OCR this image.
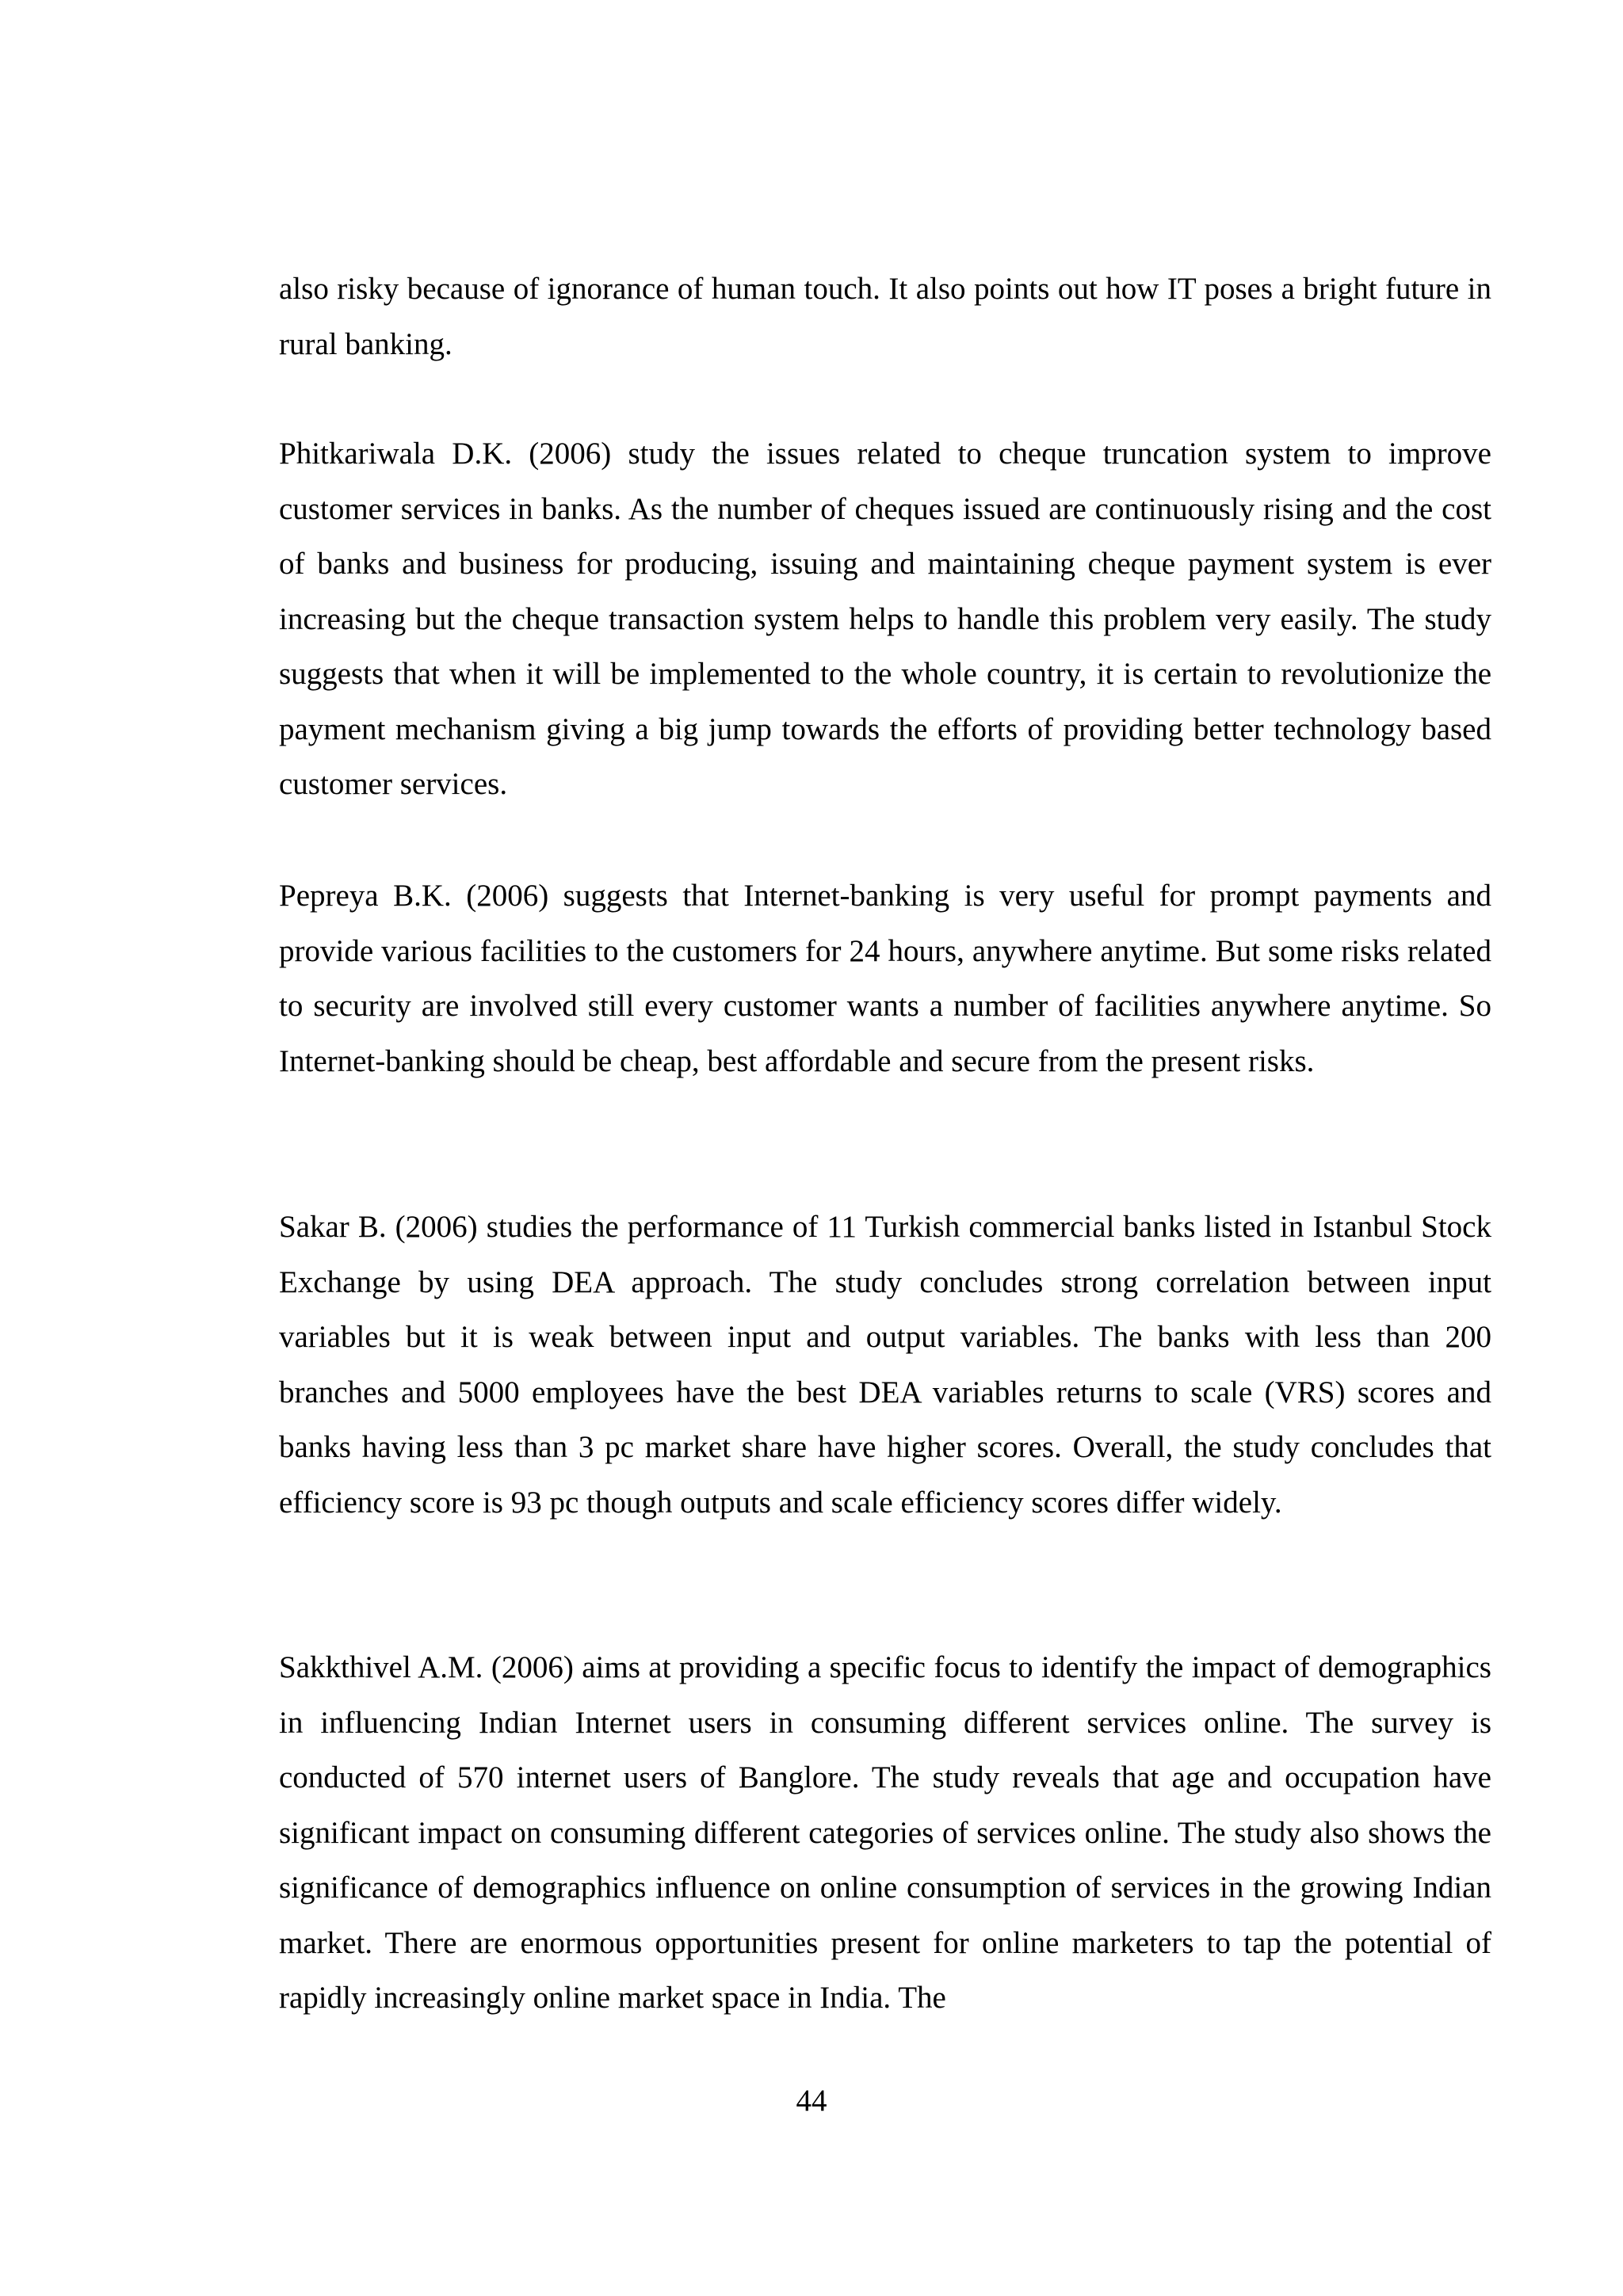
also risky because of ignorance of human touch. It also points out how IT poses a bright future in rural banking.

Phitkariwala D.K. (2006) study the issues related to cheque truncation system to improve customer services in banks. As the number of cheques issued are continuously rising and the cost of banks and business for producing, issuing and maintaining cheque payment system is ever increasing but the cheque transaction system helps to handle this problem very easily. The study suggests that when it will be implemented to the whole country, it is certain to revolutionize the payment mechanism giving a big jump towards the efforts of providing better technology based customer services.

Pepreya B.K. (2006) suggests that Internet-banking is very useful for prompt payments and provide various facilities to the customers for 24 hours, anywhere anytime. But some risks related to security are involved still every customer wants a number of facilities anywhere anytime. So Internet-banking should be cheap, best affordable and secure from the present risks.

Sakar B. (2006) studies the performance of 11 Turkish commercial banks listed in Istanbul Stock Exchange by using DEA approach. The study concludes strong correlation between input variables but it is weak between input and output variables. The banks with less than 200 branches and 5000 employees have the best DEA variables returns to scale (VRS) scores and banks having less than 3 pc market share have higher scores. Overall, the study concludes that efficiency score is 93 pc though outputs and scale efficiency scores differ widely.

Sakkthivel A.M. (2006) aims at providing a specific focus to identify the impact of demographics in influencing Indian Internet users in consuming different services online. The survey is conducted of 570 internet users of Banglore. The study reveals that age and occupation have significant impact on consuming different categories of services online. The study also shows the significance of demographics influence on online consumption of services in the growing Indian market. There are enormous opportunities present for online marketers to tap the potential of rapidly increasingly online market space in India. The

44
